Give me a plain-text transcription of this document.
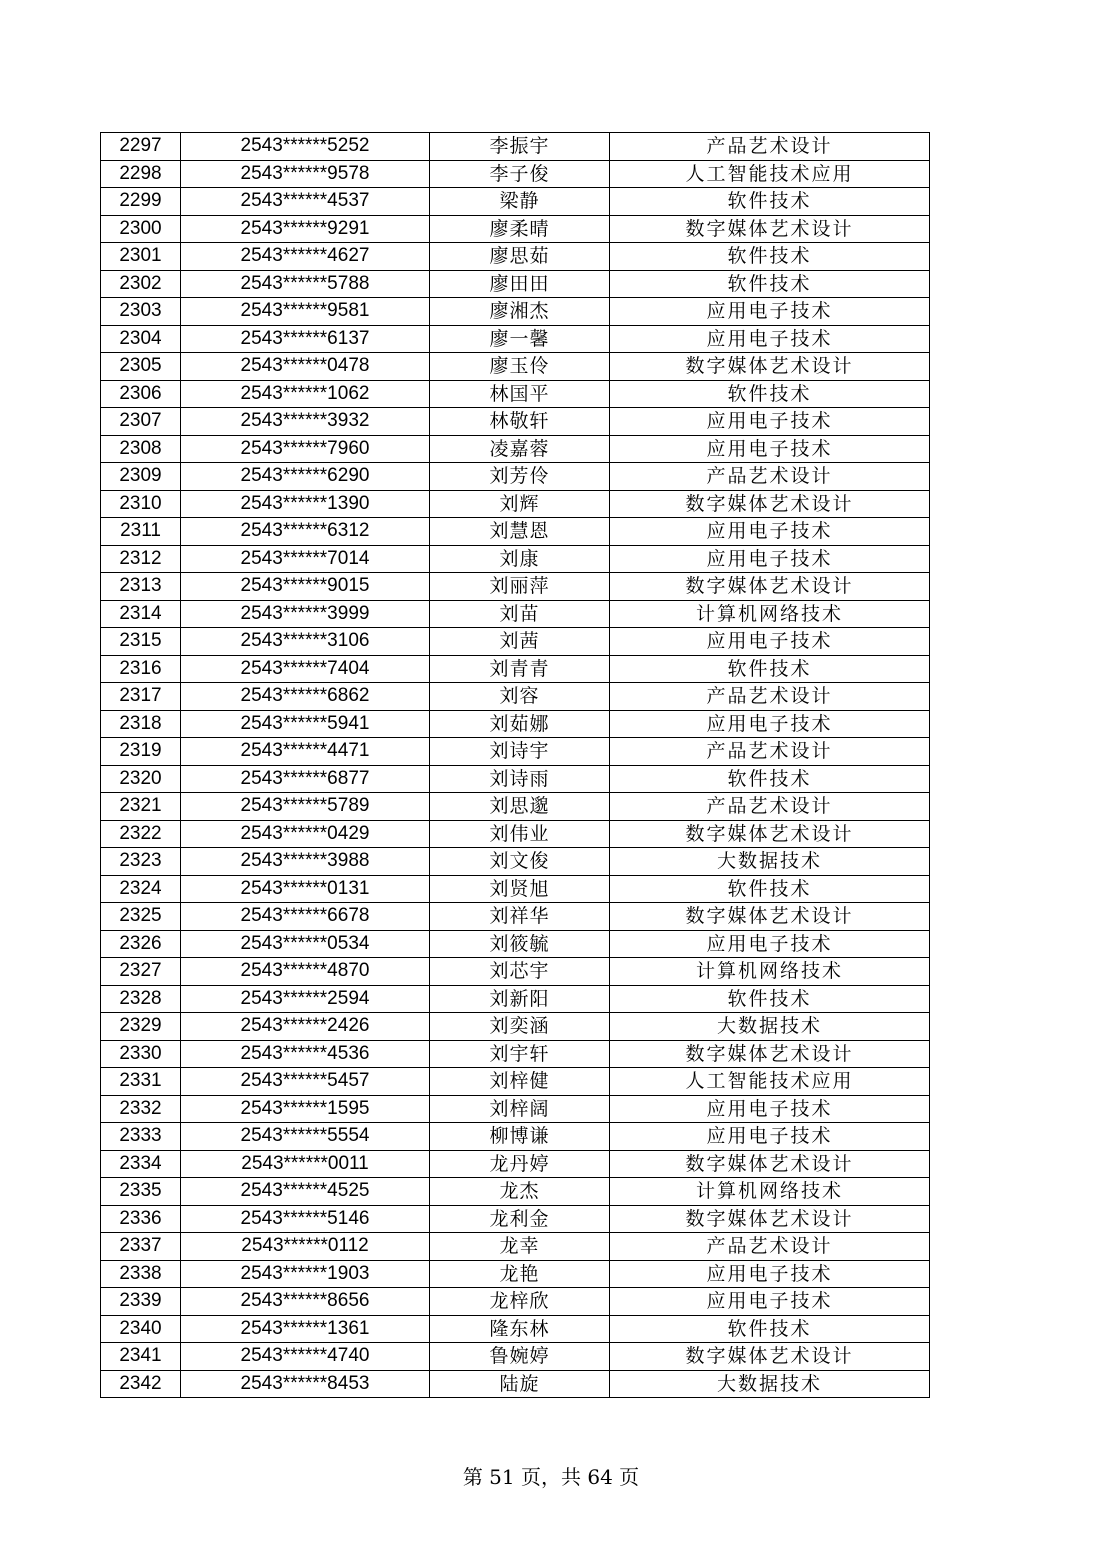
2297	2543******5252	李振宇	产品艺术设计
2298	2543******9578	李子俊	人工智能技术应用
2299	2543******4537	梁静	软件技术
2300	2543******9291	廖柔晴	数字媒体艺术设计
2301	2543******4627	廖思茹	软件技术
2302	2543******5788	廖田田	软件技术
2303	2543******9581	廖湘杰	应用电子技术
2304	2543******6137	廖一馨	应用电子技术
2305	2543******0478	廖玉伶	数字媒体艺术设计
2306	2543******1062	林国平	软件技术
2307	2543******3932	林敬轩	应用电子技术
2308	2543******7960	凌嘉蓉	应用电子技术
2309	2543******6290	刘芳伶	产品艺术设计
2310	2543******1390	刘辉	数字媒体艺术设计
2311	2543******6312	刘慧恩	应用电子技术
2312	2543******7014	刘康	应用电子技术
2313	2543******9015	刘丽萍	数字媒体艺术设计
2314	2543******3999	刘苗	计算机网络技术
2315	2543******3106	刘茜	应用电子技术
2316	2543******7404	刘青青	软件技术
2317	2543******6862	刘容	产品艺术设计
2318	2543******5941	刘茹娜	应用电子技术
2319	2543******4471	刘诗宇	产品艺术设计
2320	2543******6877	刘诗雨	软件技术
2321	2543******5789	刘思邈	产品艺术设计
2322	2543******0429	刘伟业	数字媒体艺术设计
2323	2543******3988	刘文俊	大数据技术
2324	2543******0131	刘贤旭	软件技术
2325	2543******6678	刘祥华	数字媒体艺术设计
2326	2543******0534	刘筱毓	应用电子技术
2327	2543******4870	刘芯宇	计算机网络技术
2328	2543******2594	刘新阳	软件技术
2329	2543******2426	刘奕涵	大数据技术
2330	2543******4536	刘宇轩	数字媒体艺术设计
2331	2543******5457	刘梓健	人工智能技术应用
2332	2543******1595	刘梓阔	应用电子技术
2333	2543******5554	柳博谦	应用电子技术
2334	2543******0011	龙丹婷	数字媒体艺术设计
2335	2543******4525	龙杰	计算机网络技术
2336	2543******5146	龙利金	数字媒体艺术设计
2337	2543******0112	龙幸	产品艺术设计
2338	2543******1903	龙艳	应用电子技术
2339	2543******8656	龙梓欣	应用电子技术
2340	2543******1361	隆东林	软件技术
2341	2543******4740	鲁婉婷	数字媒体艺术设计
2342	2543******8453	陆旋	大数据技术
第 51 页，共 64 页
